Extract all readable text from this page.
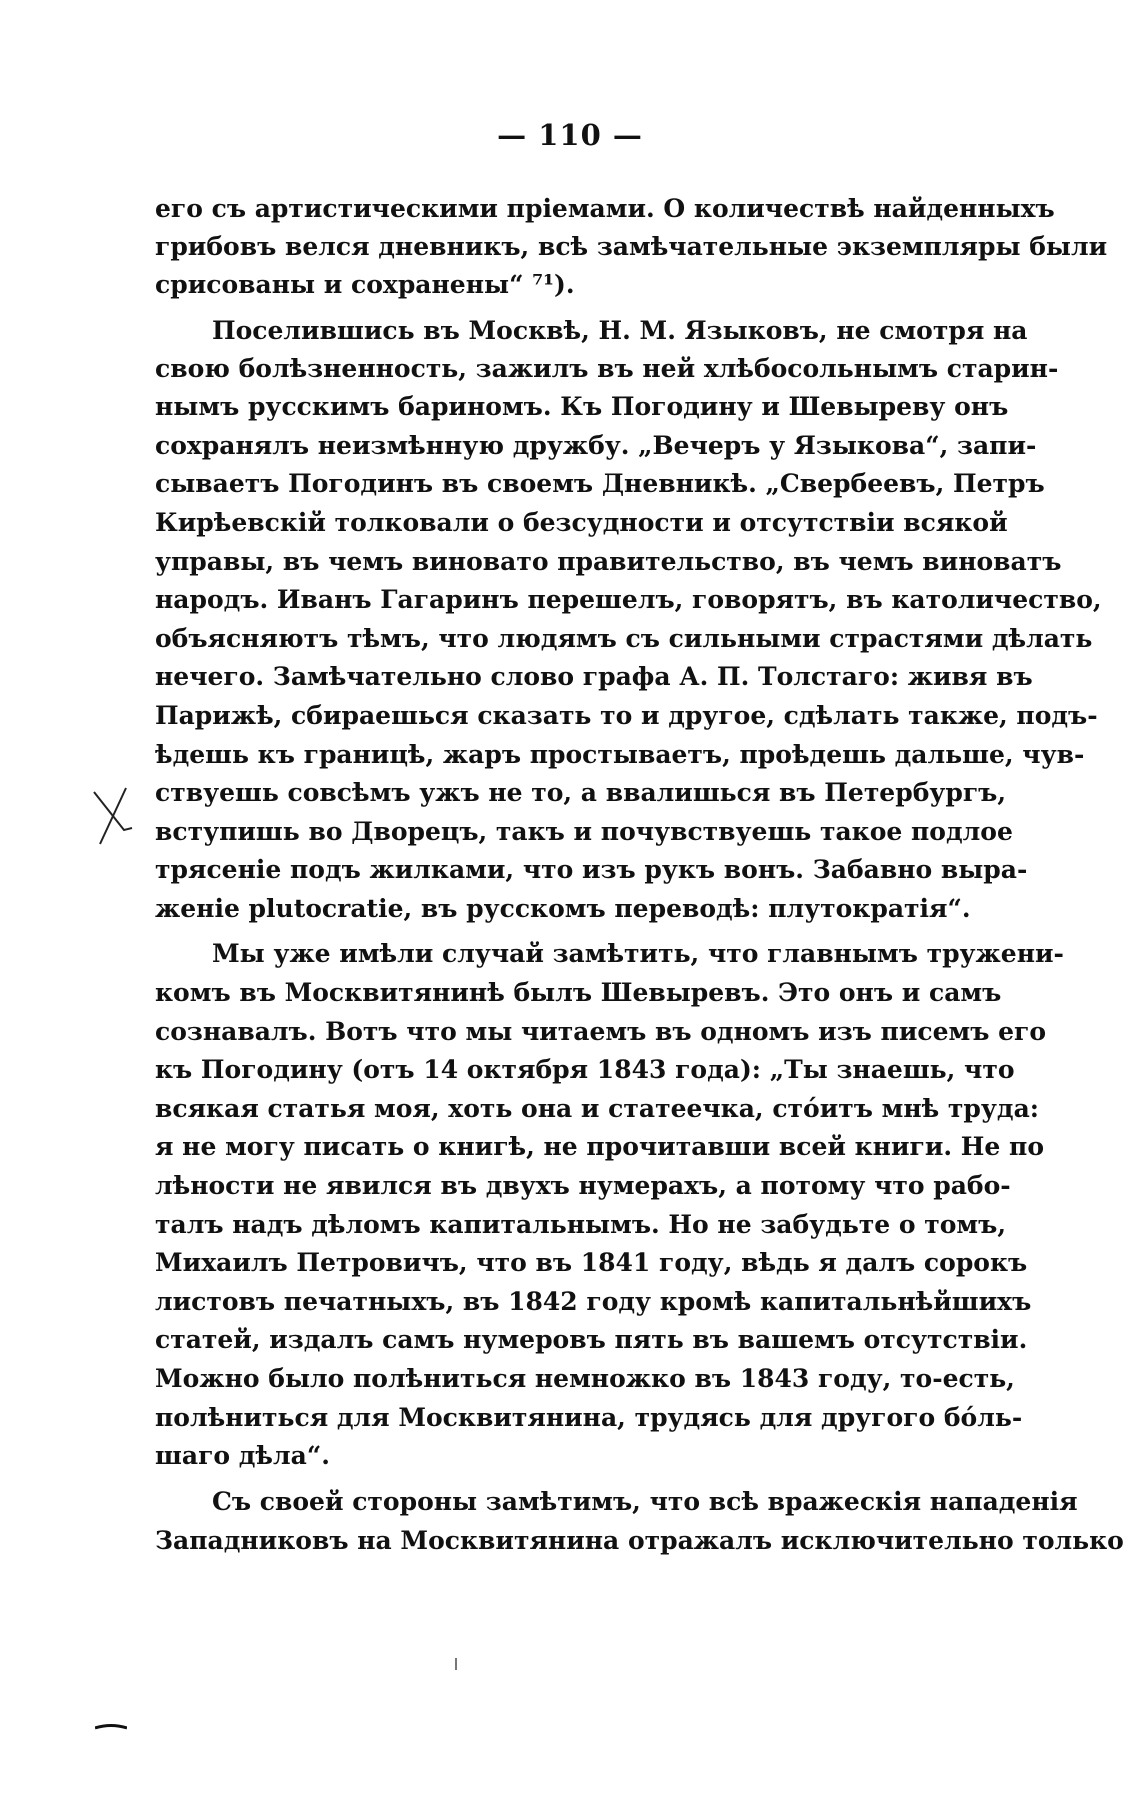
— 110 —
его съ артистическими пріемами. О количествѣ найденныхъ
грибовъ велся дневникъ, всѣ замѣчательные экземпляры были
срисованы и сохранены“ ⁷¹).
Поселившись въ Москвѣ, Н. М. Языковъ, не смотря на
свою болѣзненность, зажилъ въ ней хлѣбосольнымъ старин-
нымъ русскимъ бариномъ. Къ Погодину и Шевыреву онъ
сохранялъ неизмѣнную дружбу. „Вечеръ у Языкова“, запи-
сываетъ Погодинъ въ своемъ Дневникѣ. „Свербеевъ, Петръ
Кирѣевскій толковали о безсудности и отсутствіи всякой
управы, въ чемъ виновато правительство, въ чемъ виноватъ
народъ. Иванъ Гагаринъ перешелъ, говорятъ, въ католичество,
объясняютъ тѣмъ, что людямъ съ сильными страстями дѣлать
нечего. Замѣчательно слово графа А. П. Толстаго: живя въ
Парижѣ, сбираешься сказать то и другое, сдѣлать также, подъ-
ѣдешь къ границѣ, жаръ простываетъ, проѣдешь дальше, чув-
ствуешь совсѣмъ ужъ не то, а ввалишься въ Петербургъ,
вступишь во Дворецъ, такъ и почувствуешь такое подлое
трясеніе подъ жилками, что изъ рукъ вонъ. Забавно выра-
женіе plutocratie, въ русскомъ переводѣ: плутократія“.
Мы уже имѣли случай замѣтить, что главнымъ тружени-
комъ въ Москвитянинѣ былъ Шевыревъ. Это онъ и самъ
сознавалъ. Вотъ что мы читаемъ въ одномъ изъ писемъ его
къ Погодину (отъ 14 октября 1843 года): „Ты знаешь, что
всякая статья моя, хоть она и статеечка, стóитъ мнѣ труда:
я не могу писать о книгѣ, не прочитавши всей книги. Не по
лѣности не явился въ двухъ нумерахъ, а потому что рабо-
талъ надъ дѣломъ капитальнымъ. Но не забудьте о томъ,
Михаилъ Петровичъ, что въ 1841 году, вѣдь я далъ сорокъ
листовъ печатныхъ, въ 1842 году кромѣ капитальнѣйшихъ
статей, издалъ самъ нумеровъ пять въ вашемъ отсутствіи.
Можно было полѣниться немножко въ 1843 году, то-есть,
полѣниться для Москвитянина, трудясь для другого бóль-
шаго дѣла“.
Съ своей стороны замѣтимъ, что всѣ вражескія нападенія
Западниковъ на Москвитянина отражалъ исключительно только
